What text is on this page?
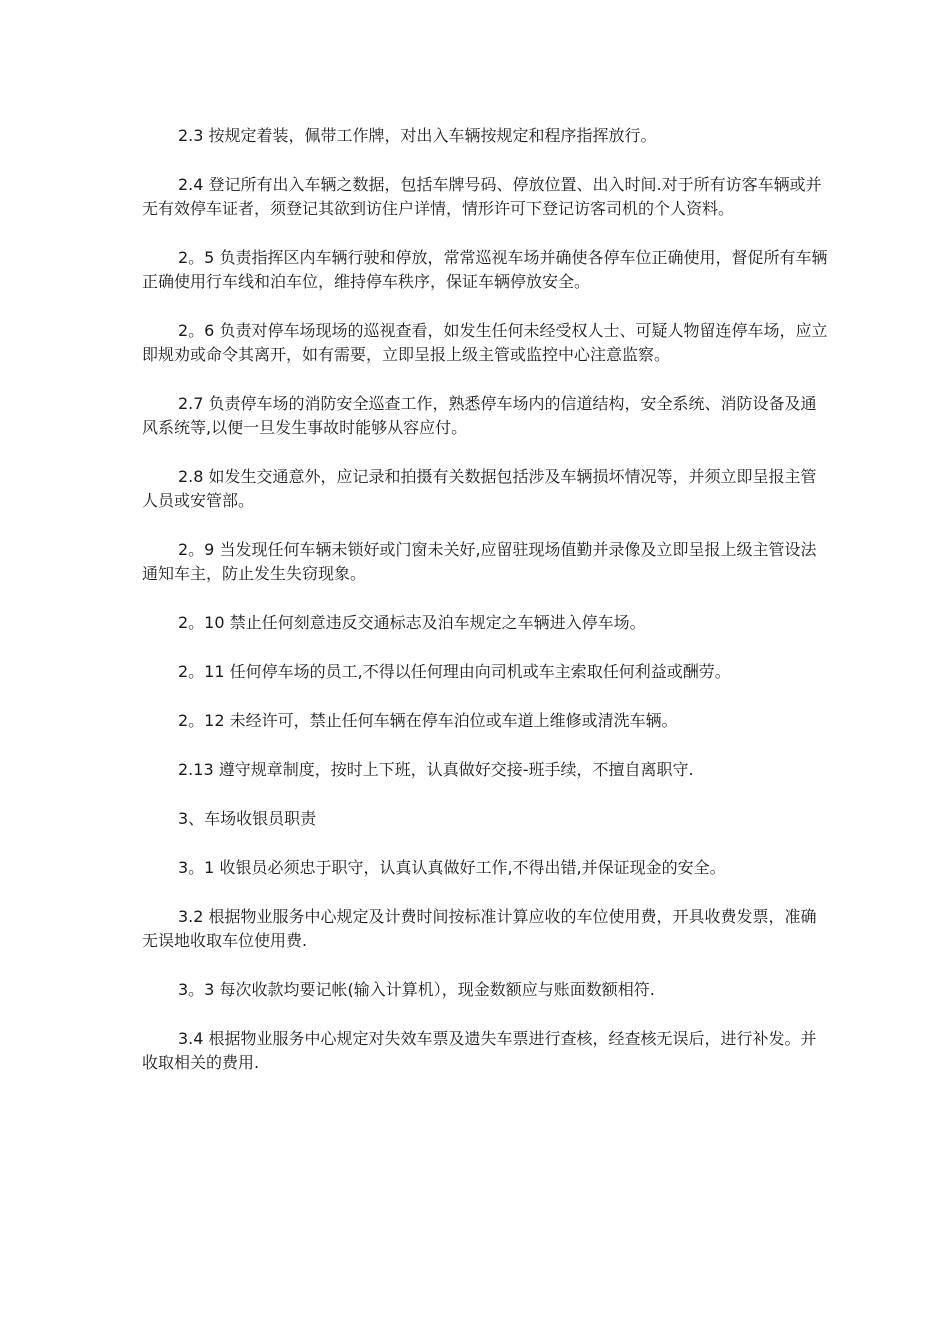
2.3 按规定着装，佩带工作牌，对出入车辆按规定和程序指挥放行。

2.4 登记所有出入车辆之数据，包括车牌号码、停放位置、出入时间.对于所有访客车辆或并无有效停车证者，须登记其欲到访住户详情，情形许可下登记访客司机的个人资料。

2。5 负责指挥区内车辆行驶和停放，常常巡视车场并确使各停车位正确使用，督促所有车辆正确使用行车线和泊车位，维持停车秩序，保证车辆停放安全。

2。6 负责对停车场现场的巡视查看，如发生任何未经受权人士、可疑人物留连停车场，应立即规劝或命令其离开，如有需要，立即呈报上级主管或监控中心注意监察。

2.7 负责停车场的消防安全巡查工作，熟悉停车场内的信道结构，安全系统、消防设备及通风系统等,以便一旦发生事故时能够从容应付。

2.8 如发生交通意外，应记录和拍摄有关数据包括涉及车辆损坏情况等，并须立即呈报主管人员或安管部。

2。9 当发现任何车辆未锁好或门窗未关好,应留驻现场值勤并录像及立即呈报上级主管设法通知车主，防止发生失窃现象。

2。10 禁止任何刻意违反交通标志及泊车规定之车辆进入停车场。

2。11 任何停车场的员工,不得以任何理由向司机或车主索取任何利益或酬劳。

2。12 未经许可，禁止任何车辆在停车泊位或车道上维修或清洗车辆。

2.13 遵守规章制度，按时上下班，认真做好交接-班手续，不擅自离职守.

3、车场收银员职责

3。1 收银员必须忠于职守，认真认真做好工作,不得出错,并保证现金的安全。

3.2 根据物业服务中心规定及计费时间按标准计算应收的车位使用费，开具收费发票，准确无误地收取车位使用费.

3。3 每次收款均要记帐(输入计算机），现金数额应与账面数额相符.

3.4 根据物业服务中心规定对失效车票及遗失车票进行查核，经查核无误后，进行补发。并收取相关的费用.
